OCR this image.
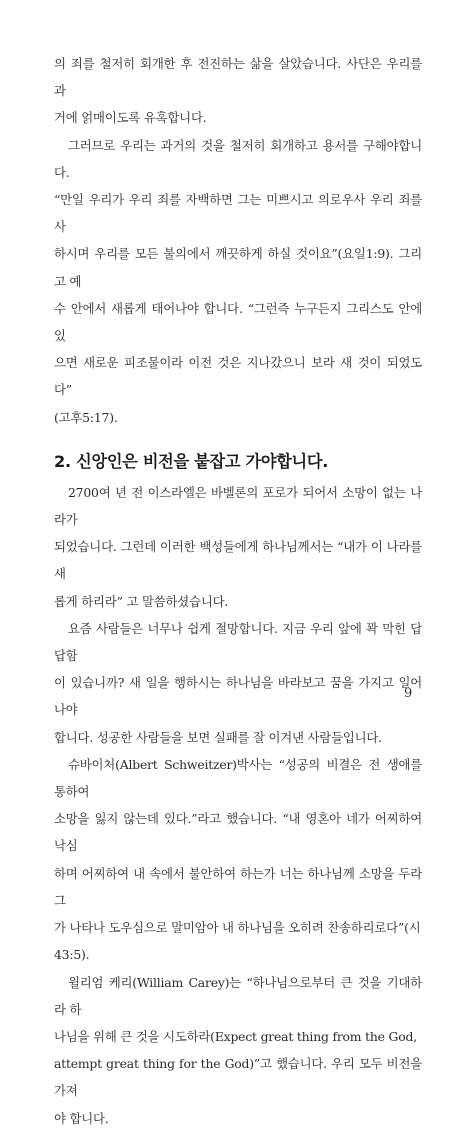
의 죄를 철저히 회개한 후 전진하는 삶을 살았습니다. 사단은 우리를 과
거에 얽매이도록 유혹합니다.

그러므로 우리는 과거의 것을 철저히 회개하고 용서를 구해야합니다.
“만일 우리가 우리 죄를 자백하면 그는 미쁘시고 의로우사 우리 죄를 사
하시며 우리를 모든 불의에서 깨끗하게 하실 것이요”(요일1:9). 그리고 예
수 안에서 새롭게 태어나야 합니다. “그런즉 누구든지 그리스도 안에 있
으면 새로운 피조물이라 이전 것은 지나갔으니 보라 새 것이 되었도다”
(고후5:17).

2. 신앙인은 비전을 붙잡고 가야합니다.

2700여 년 전 이스라엘은 바벨론의 포로가 되어서 소망이 없는 나라가
되었습니다. 그런데 이러한 백성들에게 하나님께서는 “내가 이 나라를 새
롭게 하리라” 고 말씀하셨습니다.

요즘 사람들은 너무나 쉽게 절망합니다. 지금 우리 앞에 꽉 막힌 답답함
이 있습니까? 새 일을 행하시는 하나님을 바라보고 꿈을 가지고 일어나야
합니다. 성공한 사람들을 보면 실패를 잘 이겨낸 사람들입니다.

슈바이처(Albert Schweitzer)박사는 “성공의 비결은 전 생애를 통하여
소망을 잃지 않는데 있다.”라고 했습니다. “내 영혼아 네가 어찌하여 낙심
하며 어찌하여 내 속에서 불안하여 하는가 너는 하나님께 소망을 두라 그
가 나타나 도우심으로 말미암아 내 하나님을 오히려 찬송하리로다”(시
43:5).

윌리엄 케리(William Carey)는 “하나님으로부터 큰 것을 기대하라 하
나님을 위해 큰 것을 시도하라(Expect great thing from the God,
attempt great thing for the God)”고 했습니다. 우리 모두 비전을 가져
야 합니다.

9
